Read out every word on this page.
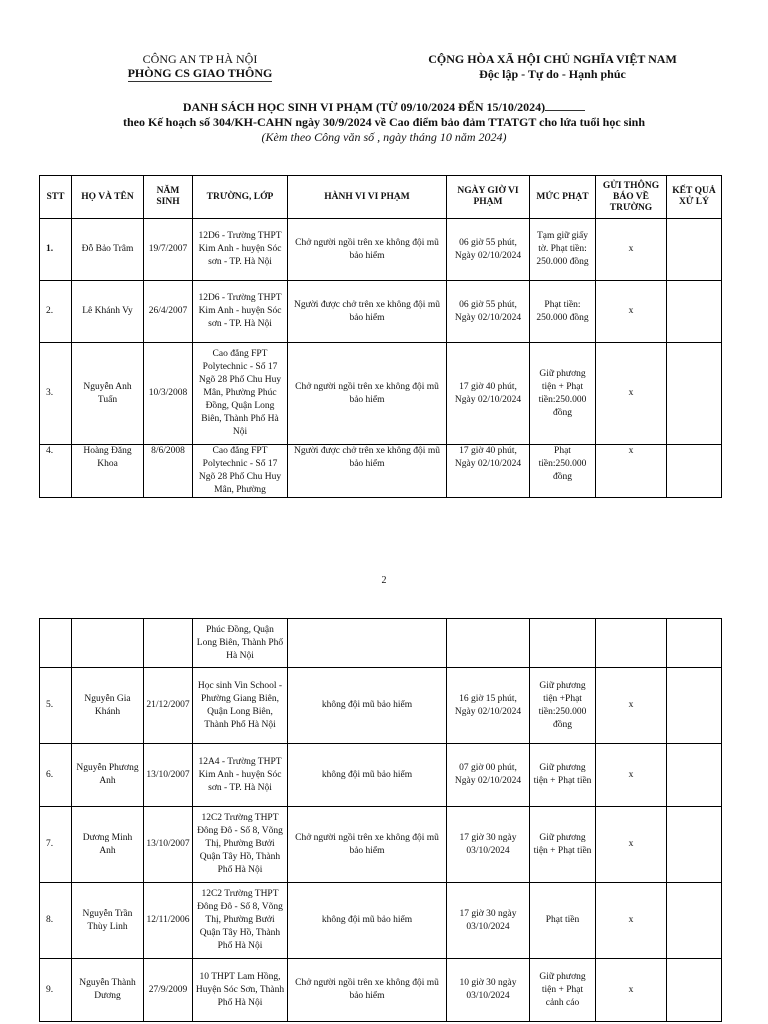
CÔNG AN TP HÀ NỘI
PHÒNG CS GIAO THÔNG
CỘNG HÒA XÃ HỘI CHỦ NGHĨA VIỆT NAM
Độc lập - Tự do - Hạnh phúc
DANH SÁCH HỌC SINH VI PHẠM (TỪ 09/10/2024 ĐẾN 15/10/2024)
theo Kế hoạch số 304/KH-CAHN ngày 30/9/2024 về Cao điểm bảo đảm TTATGT cho lứa tuổi học sinh
(Kèm theo Công văn số , ngày tháng 10 năm 2024)
STT	HỌ VÀ TÊN	NĂM SINH	TRƯỜNG, LỚP	HÀNH VI VI PHẠM	NGÀY GIỜ VI PHẠM	MỨC PHẠT	GỬI THÔNG BÁO VỀ TRƯỜNG	KẾT QUẢ XỬ LÝ
1.	Đỗ Bảo Trâm	19/7/2007	12D6 - Trường THPT Kim Anh - huyện Sóc sơn - TP. Hà Nội	Chở người ngồi trên xe không đội mũ bảo hiểm	06 giờ 55 phút, Ngày 02/10/2024	Tạm giữ giấy tờ. Phạt tiền: 250.000 đồng	x	
2.	Lê Khánh Vy	26/4/2007	12D6 - Trường THPT Kim Anh - huyện Sóc sơn - TP. Hà Nội	Người được chở trên xe không đội mũ bảo hiểm	06 giờ 55 phút, Ngày 02/10/2024	Phạt tiền: 250.000 đồng	x	
3.	Nguyễn Anh Tuấn	10/3/2008	Cao đẳng FPT Polytechnic - Số 17 Ngõ 28 Phố Chu Huy Mân, Phường Phúc Đồng, Quận Long Biên, Thành Phố Hà Nội	Chở người ngồi trên xe không đội mũ bảo hiểm	17 giờ 40 phút, Ngày 02/10/2024	Giữ phương tiện + Phạt tiền:250.000 đồng	x	
4.	Hoàng Đăng Khoa	8/6/2008	Cao đẳng FPT Polytechnic - Số 17 Ngõ 28 Phố Chu Huy Mân, Phường	Người được chở trên xe không đội mũ bảo hiểm	17 giờ 40 phút, Ngày 02/10/2024	Phạt tiền:250.000 đồng	x	
2
			Phúc Đồng, Quận Long Biên, Thành Phố Hà Nội					
5.	Nguyễn Gia Khánh	21/12/2007	Học sinh Vin School - Phường Giang Biên, Quận Long Biên, Thành Phố Hà Nội	không đội mũ bảo hiểm	16 giờ 15 phút, Ngày 02/10/2024	Giữ phương tiện +Phạt tiền:250.000 đồng	x	
6.	Nguyễn Phương Anh	13/10/2007	12A4 - Trường THPT Kim Anh - huyện Sóc sơn - TP. Hà Nội	không đội mũ bảo hiểm	07 giờ 00 phút, Ngày 02/10/2024	Giữ phương tiện + Phạt tiền	x	
7.	Dương Minh Anh	13/10/2007	12C2 Trường THPT Đông Đô - Số 8, Võng Thị, Phường Bưởi Quận Tây Hồ, Thành Phố Hà Nội	Chở người ngồi trên xe không đội mũ bảo hiểm	17 giờ 30 ngày 03/10/2024	Giữ phương tiện + Phạt tiền	x	
8.	Nguyễn Trần Thùy Linh	12/11/2006	12C2 Trường THPT Đông Đô - Số 8, Võng Thị, Phường Bưởi Quận Tây Hồ, Thành Phố Hà Nội	không đội mũ bảo hiểm	17 giờ 30 ngày 03/10/2024	Phạt tiền	x	
9.	Nguyễn Thành Dương	27/9/2009	10 THPT Lam Hồng, Huyện Sóc Sơn, Thành Phố Hà Nội	Chở người ngồi trên xe không đội mũ bảo hiểm	10 giờ 30 ngày 03/10/2024	Giữ phương tiện + Phạt cảnh cáo	x	
